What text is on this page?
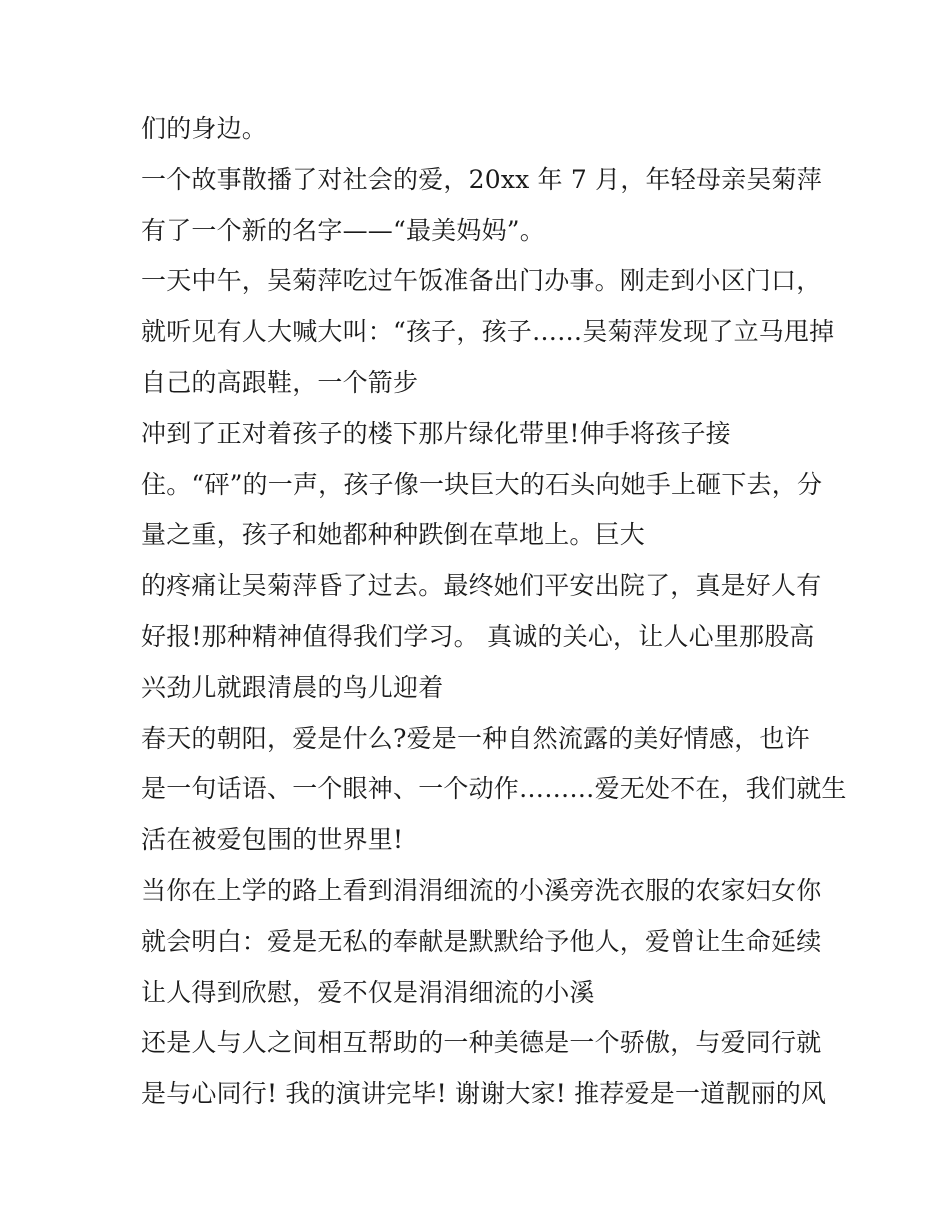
们的身边。
一个故事散播了对社会的爱，20xx 年 7 月，年轻母亲吴菊萍
有了一个新的名字——“最美妈妈”。
一天中午，吴菊萍吃过午饭准备出门办事。刚走到小区门口，
就听见有人大喊大叫：“孩子，孩子……吴菊萍发现了立马甩掉
自己的高跟鞋，一个箭步
冲到了正对着孩子的楼下那片绿化带里!伸手将孩子接
住。“砰”的一声，孩子像一块巨大的石头向她手上砸下去，分
量之重，孩子和她都种种跌倒在草地上。巨大
的疼痛让吴菊萍昏了过去。最终她们平安出院了，真是好人有
好报!那种精神值得我们学习。 真诚的关心，让人心里那股高
兴劲儿就跟清晨的鸟儿迎着
春天的朝阳，爱是什么?爱是一种自然流露的美好情感，也许
是一句话语、一个眼神、一个动作………爱无处不在，我们就生
活在被爱包围的世界里!
当你在上学的路上看到涓涓细流的小溪旁洗衣服的农家妇女你
就会明白：爱是无私的奉献是默默给予他人，爱曾让生命延续
让人得到欣慰，爱不仅是涓涓细流的小溪
还是人与人之间相互帮助的一种美德是一个骄傲，与爱同行就
是与心同行! 我的演讲完毕! 谢谢大家! 推荐爱是一道靓丽的风
